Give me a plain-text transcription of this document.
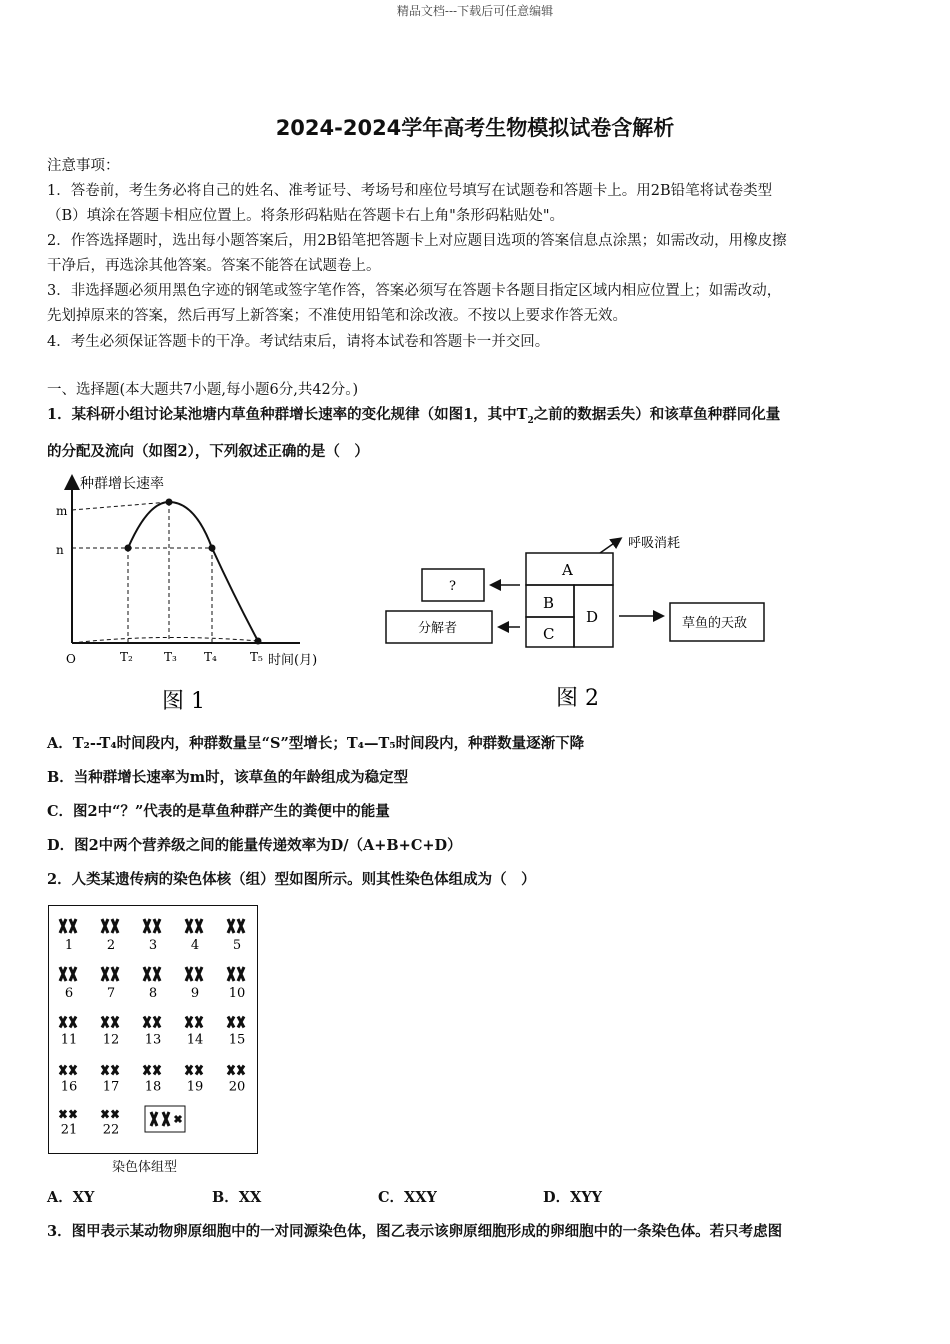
精品文档---下载后可任意编辑
2024-2024学年高考生物模拟试卷含解析
注意事项：
1．答卷前，考生务必将自己的姓名、准考证号、考场号和座位号填写在试题卷和答题卡上。用2B铅笔将试卷类型
（B）填涂在答题卡相应位置上。将条形码粘贴在答题卡右上角"条形码粘贴处"。
2．作答选择题时，选出每小题答案后，用2B铅笔把答题卡上对应题目选项的答案信息点涂黑；如需改动，用橡皮擦
干净后，再选涂其他答案。答案不能答在试题卷上。
3．非选择题必须用黑色字迹的钢笔或签字笔作答，答案必须写在答题卡各题目指定区域内相应位置上；如需改动，
先划掉原来的答案，然后再写上新答案；不准使用铅笔和涂改液。不按以上要求作答无效。
4．考生必须保证答题卡的干净。考试结束后，请将本试卷和答题卡一并交回。
一、选择题(本大题共7小题,每小题6分,共42分。)
1．某科研小组讨论某池塘内草鱼种群增长速率的变化规律（如图1，其中$T_2$之前的数据丢失）和该草鱼种群同化量
的分配及流向（如图2），下列叙述正确的是（　）
种群增长速率
m
n
O	T₂	T₃ T₄	T₅ 时间(月)
图 1
A
B
C
D
?
分解者	草鱼的天敌
呼吸消耗
图 2
A．T₂--T₄时间段内，种群数量呈“S”型增长；T₄—T₅时间段内，种群数量逐渐下降
B．当种群增长速率为m时，该草鱼的年龄组成为稳定型
C．图2中“？”代表的是草鱼种群产生的粪便中的能量
D．图2中两个营养级之间的能量传递效率为D/（A+B+C+D）
2．人类某遗传病的染色体核（组）型如图所示。则其性染色体组成为（　）
1	2	3	4	5
6	7	8	9 10
11 12 13 14 15
16 17 18 19 20
21 22
染色体组型
A．XY	B．XX	C．XXY	D．XYY
3．图甲表示某动物卵原细胞中的一对同源染色体，图乙表示该卵原细胞形成的卵细胞中的一条染色体。若只考虑图
